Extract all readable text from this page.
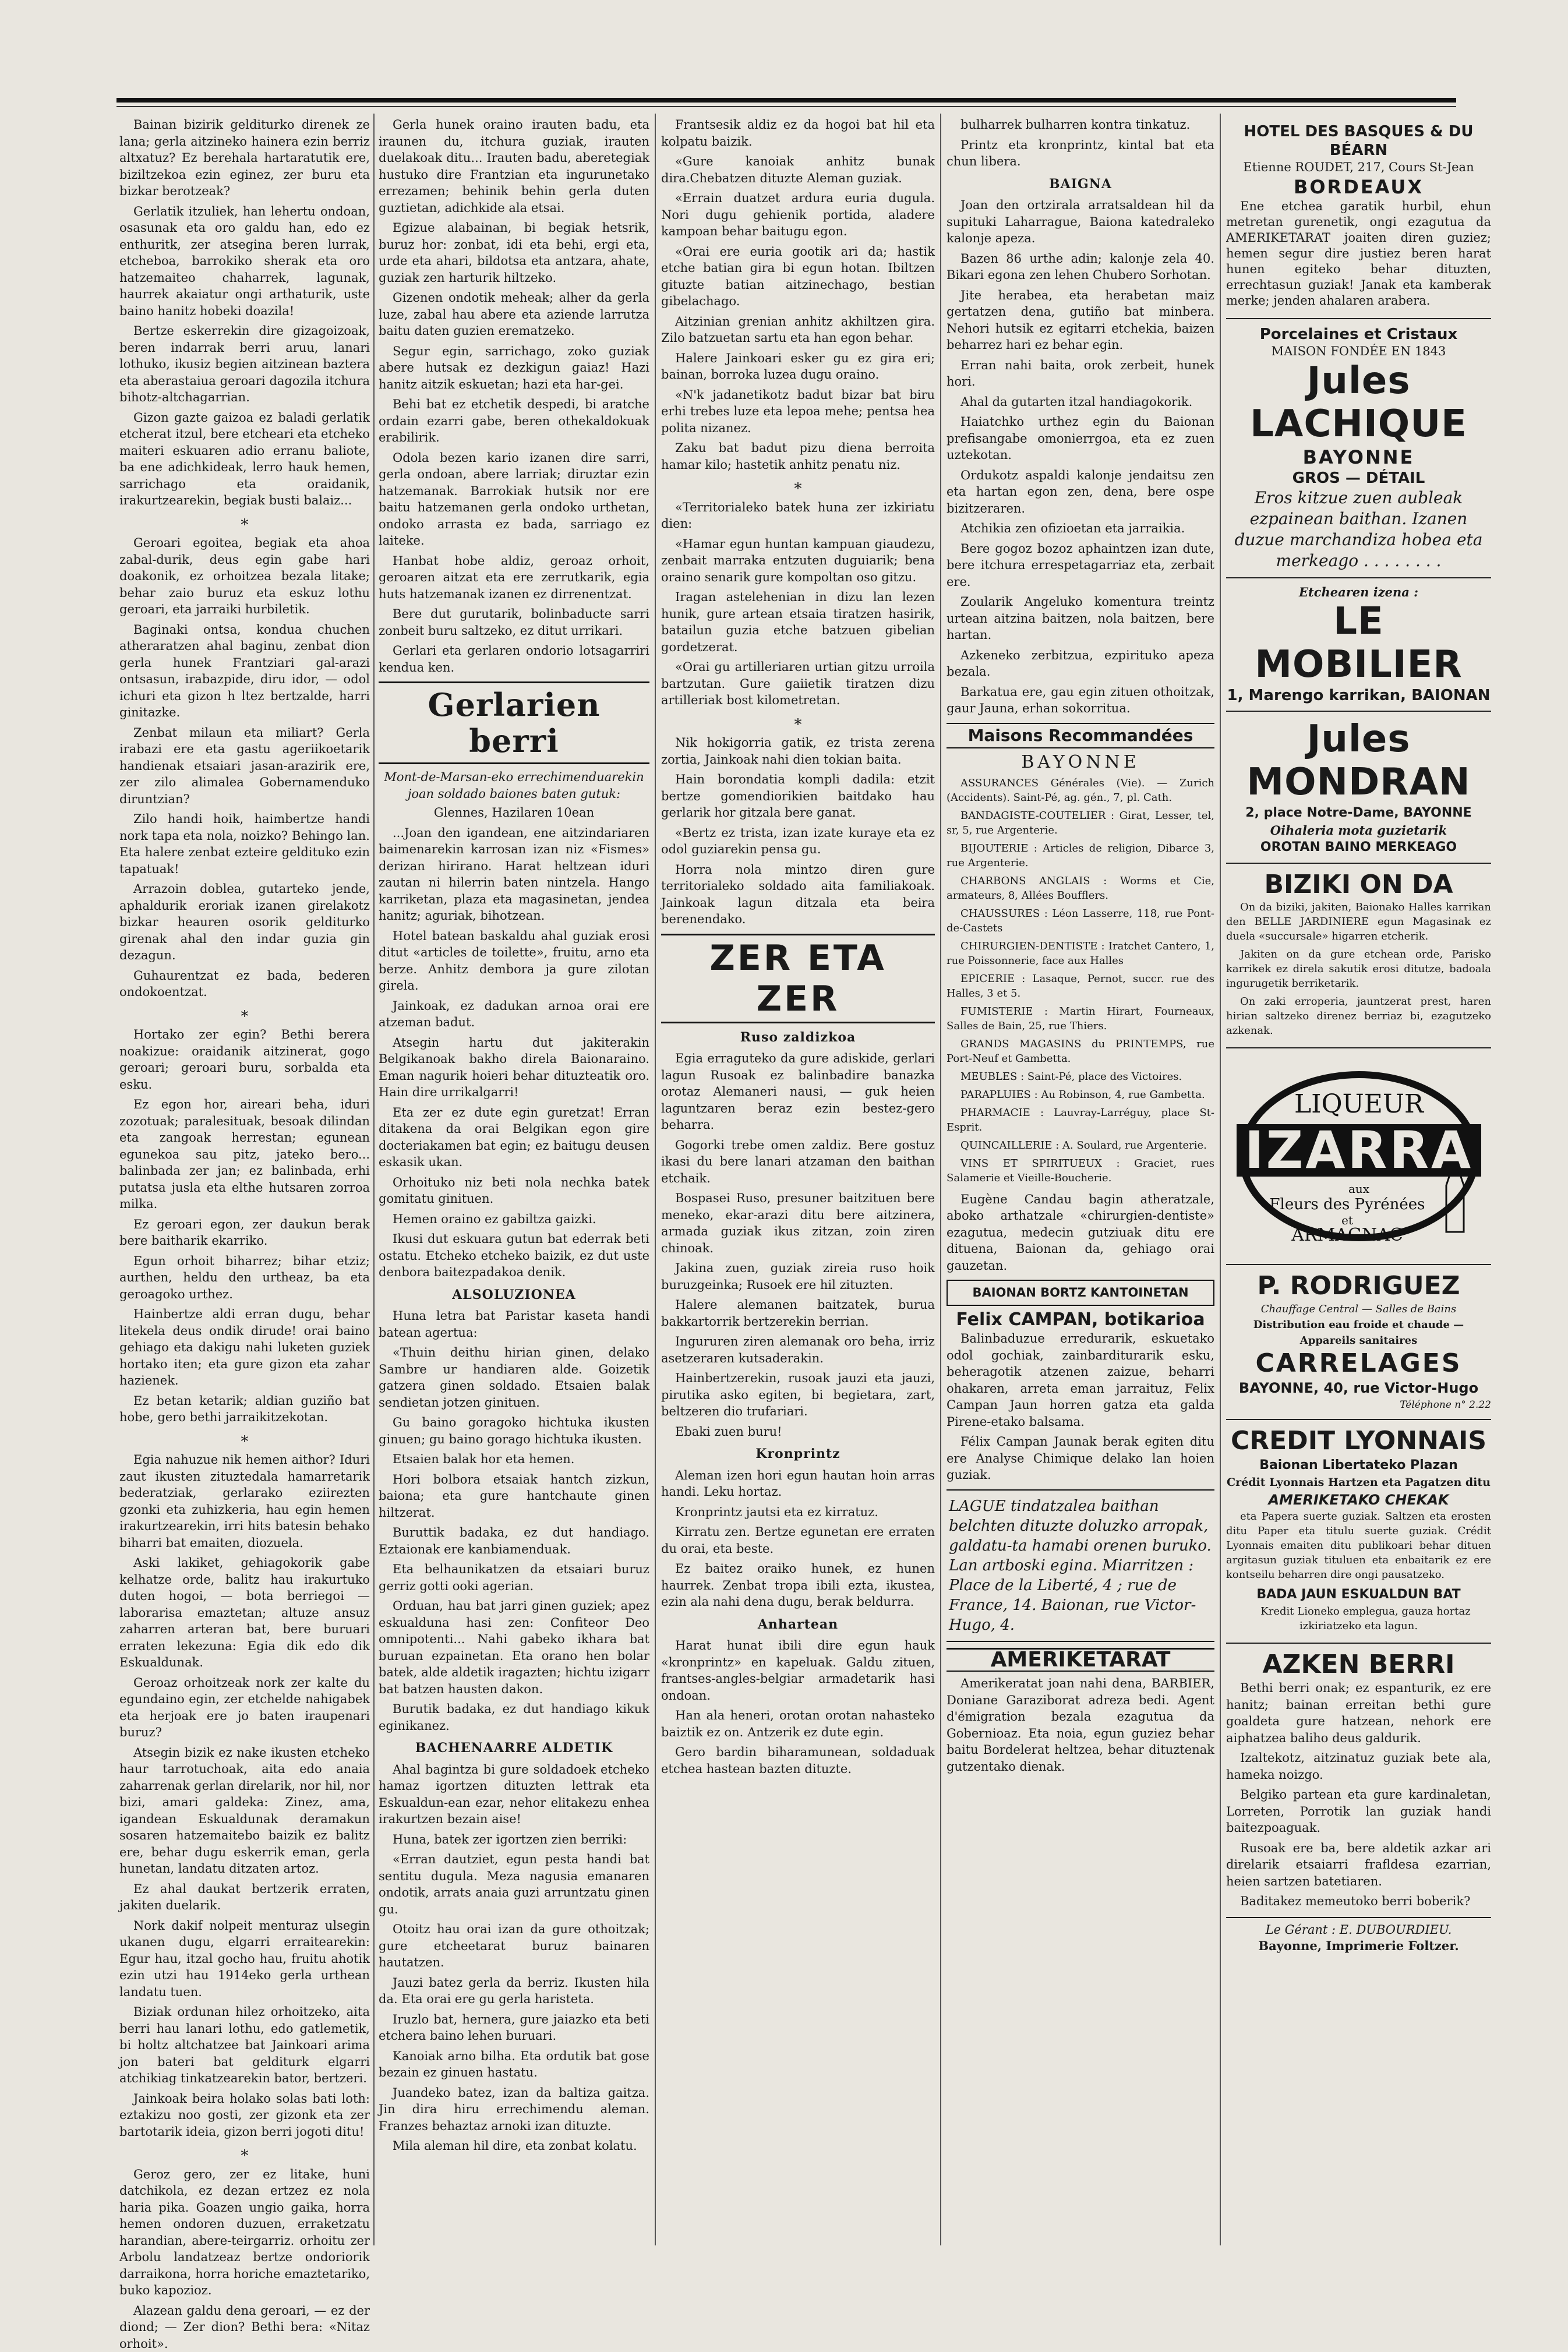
Bainan bizirik gelditurko direnek ze lana; gerla aitzineko hainera ezin berriz altxatuz? Ez berehala hartaratutik ere, biziltzekoa ezin eginez, zer buru eta bizkar berotzeak?

Gerlatik itzuliek, han lehertu ondoan, osasunak eta oro galdu han, edo ez enthuritk, zer atsegina beren lurrak, etcheboa, barrokiko sherak eta oro hatzemaiteo chaharrek, lagunak, haurrek akaiatur ongi arthaturik, uste baino hanitz hobeki doazila!

Bertze eskerrekin dire gizagoizoak, beren indarrak berri aruu, lanari lothuko, ikusiz begien aitzinean baztera eta aberastaiua geroari dagozila itchura bihotz-altchagarrian.

Gizon gazte gaizoa ez baladi gerlatik etcherat itzul, bere etcheari eta etcheko maiteri eskuaren adio erranu baliote, ba ene adichkideak, lerro hauk hemen, sarrichago eta oraidanik, irakurtzearekin, begiak busti balaiz...

∗

Geroari egoitea, begiak eta ahoa zabal-durik, deus egin gabe hari doakonik, ez orhoitzea bezala litake; behar zaio buruz eta eskuz lothu geroari, eta jarraiki hurbiletik.

Baginaki ontsa, kondua chuchen atheraratzen ahal baginu, zenbat dion gerla hunek Frantziari gal-arazi ontsasun, irabazpide, diru idor, — odol ichuri eta gizon h ltez bertzalde, harri ginitazke.

Zenbat milaun eta miliart? Gerla irabazi ere eta gastu ageriikoetarik handienak etsaiari jasan-arazirik ere, zer zilo alimalea Gobernamenduko diruntzian?

Zilo handi hoik, haimbertze handi nork tapa eta nola, noizko? Behingo lan. Eta halere zenbat ezteire geldituko ezin tapatuak!

Arrazoin doblea, gutarteko jende, aphaldurik eroriak izanen girelakotz bizkar heauren osorik gelditurko girenak ahal den indar guzia gin dezagun.

Guhaurentzat ez bada, bederen ondokoentzat.

∗

Hortako zer egin? Bethi berera noakizue: oraidanik aitzinerat, gogo geroari; geroari buru, sorbalda eta esku.

Ez egon hor, aireari beha, iduri zozotuak; paralesituak, besoak dilindan eta zangoak herrestan; egunean egunekoa sau pitz, jateko bero... balinbada zer jan; ez balinbada, erhi putatsa jusla eta elthe hutsaren zorroa milka.

Ez geroari egon, zer daukun berak bere baitharik ekarriko.

Egun orhoit biharrez; bihar etziz; aurthen, heldu den urtheaz, ba eta geroagoko urthez.

Hainbertze aldi erran dugu, behar litekela deus ondik dirude! orai baino gehiago eta dakigu nahi luketen guziek hortako iten; eta gure gizon eta zahar hazienek.

Ez betan ketarik; aldian guziño bat hobe, gero bethi jarraikitzekotan.

∗

Egia nahuzue nik hemen aithor? Iduri zaut ikusten zituztedala hamarretarik bederatziak, gerlarako eziirezten gzonki eta zuhizkeria, hau egin hemen irakurtzearekin, irri hits batesin behako biharri bat emaiten, diozuela.

Aski lakiket, gehiagokorik gabe kelhatze orde, balitz hau irakurtuko duten hogoi, — bota berriegoi — laborarisa emaztetan; altuze ansuz zaharren arteran bat, bere buruari erraten lekezuna: Egia dik edo dik Eskualdunak.

Geroaz orhoitzeak nork zer kalte du egundaino egin, zer etchelde nahigabek eta herjoak ere jo baten iraupenari buruz?

Atsegin bizik ez nake ikusten etcheko haur tarrotuchoak, aita edo anaia zaharrenak gerlan direlarik, nor hil, nor bizi, amari galdeka: Zinez, ama, igandean Eskualdunak deramakun sosaren hatzemaitebo baizik ez balitz ere, behar dugu eskerrik eman, gerla hunetan, landatu ditzaten artoz.

Ez ahal daukat bertzerik erraten, jakiten duelarik.

Nork dakif nolpeit menturaz ulsegin ukanen dugu, elgarri erraitearekin: Egur hau, itzal gocho hau, fruitu ahotik ezin utzi hau 1914eko gerla urthean landatu tuen.

Biziak ordunan hilez orhoitzeko, aita berri hau lanari lothu, edo gatlemetik, bi holtz altchatzee bat Jainkoari arima jon bateri bat gelditurk elgarri atchikiag tinkatzearekin bator, bertzeri.

Jainkoak beira holako solas bati loth: eztakizu noo gosti, zer gizonk eta zer bartotarik ideia, gizon berri jogoti ditu!

∗

Geroz gero, zer ez litake, huni datchikola, ez dezan ertzez ez nola haria pika. Goazen ungio gaika, horra hemen ondoren duzuen, erraketzatu harandian, abere-teirgarriz. orhoitu zer Arbolu landatzeaz bertze ondoriorik darraikona, horra horiche emaztetariko, buko kapozioz.

Alazean galdu dena geroari, — ez der diond; — Zer dion? Bethi bera: «Nitaz orhoit».

Gerla hunek oraino irauten badu, eta iraunen du, itchura guziak, irauten duelakoak ditu... Irauten badu, aberetegiak hustuko dire Frantzian eta ingurunetako errezamen; behinik behin gerla duten guztietan, adichkide ala etsai.

Egizue alabainan, bi begiak hetsrik, buruz hor: zonbat, idi eta behi, ergi eta, urde eta ahari, bildotsa eta antzara, ahate, guziak zen harturik hiltzeko.

Gizenen ondotik meheak; alher da gerla luze, zabal hau abere eta aziende larrutza baitu daten guzien erematzeko.

Segur egin, sarrichago, zoko guziak abere hutsak ez dezkigun gaiaz! Hazi hanitz aitzik eskuetan; hazi eta har-gei.

Behi bat ez etchetik despedi, bi aratche ordain ezarri gabe, beren othekaldokuak erabilirik.

Odola bezen kario izanen dire sarri, gerla ondoan, abere larriak; diruztar ezin hatzemanak. Barrokiak hutsik nor ere baitu hatzemanen gerla ondoko urthetan, ondoko arrasta ez bada, sarriago ez laiteke.

Hanbat hobe aldiz, geroaz orhoit, geroaren aitzat eta ere zerrutkarik, egia huts hatzemanak izanen ez dirrenentzat.

Bere dut gurutarik, bolinbaducte sarri zonbeit buru saltzeko, ez ditut urrikari.

Gerlari eta gerlaren ondorio lotsagarriri kendua ken.

Gerlarien berri

Mont-de-Marsan-eko errechimenduarekin joan soldado baiones baten gutuk:

Glennes, Hazilaren 10ean

...Joan den igandean, ene aitzindariaren baimenarekin karrosan izan niz «Fismes» derizan hirirano. Harat heltzean iduri zautan ni hilerrin baten nintzela. Hango karriketan, plaza eta magasinetan, jendea hanitz; aguriak, bihotzean.

Hotel batean baskaldu ahal guziak erosi ditut «articles de toilette», fruitu, arno eta berze. Anhitz dembora ja gure zilotan girela.

Jainkoak, ez dadukan arnoa orai ere atzeman badut.

Atsegin hartu dut jakiterakin Belgikanoak bakho direla Baionaraino. Eman nagurik hoieri behar dituzteatik oro. Hain dire urrikalgarri!

Eta zer ez dute egin guretzat! Erran ditakena da orai Belgikan egon gire docteriakamen bat egin; ez baitugu deusen eskasik ukan.

Orhoituko niz beti nola nechka batek gomitatu ginituen.

Hemen oraino ez gabiltza gaizki.

Ikusi dut eskuara gutun bat ederrak beti ostatu. Etcheko etcheko baizik, ez dut uste denbora baitezpadakoa denik.

ALSOLUZIONEA

Huna letra bat Paristar kaseta handi batean agertua:

«Thuin deithu hirian ginen, delako Sambre ur handiaren alde. Goizetik gatzera ginen soldado. Etsaien balak sendietan jotzen ginituen.

Gu baino goragoko hichtuka ikusten ginuen; gu baino gorago hichtuka ikusten.

Etsaien balak hor eta hemen.

Hori bolbora etsaiak hantch zizkun, baiona; eta gure hantchaute ginen hiltzerat.

Buruttik badaka, ez dut handiago. Eztaionak ere kanbiamenduak.

Eta belhaunikatzen da etsaiari buruz gerriz gotti ooki agerian.

Orduan, hau bat jarri ginen guziek; apez eskualduna hasi zen: Confiteor Deo omnipotenti... Nahi gabeko ikhara bat buruan ezpainetan. Eta orano hen bolar batek, alde aldetik iragazten; hichtu izigarr bat batzen hausten dakon.

Burutik badaka, ez dut handiago kikuk eginikanez.

BACHENAARRE ALDETIK

Ahal bagintza bi gure soldadoek etcheko hamaz igortzen dituzten lettrak eta Eskualdun-ean ezar, nehor elitakezu enhea irakurtzen bezain aise!

Huna, batek zer igortzen zien berriki:

«Erran dautziet, egun pesta handi bat sentitu dugula. Meza nagusia emanaren ondotik, arrats anaia guzi arruntzatu ginen gu.

Otoitz hau orai izan da gure othoitzak; gure etcheetarat buruz bainaren hautatzen.

Jauzi batez gerla da berriz. Ikusten hila da. Eta orai ere gu gerla haristeta.

Iruzlo bat, hernera, gure jaiazko eta beti etchera baino lehen buruari.

Kanoiak arno bilha. Eta ordutik bat gose bezain ez ginuen hastatu.

Juandeko batez, izan da baltiza gaitza. Jin dira hiru errechimendu aleman. Franzes behaztaz arnoki izan dituzte.

Mila aleman hil dire, eta zonbat kolatu.

Frantsesik aldiz ez da hogoi bat hil eta kolpatu baizik.

«Gure kanoiak anhitz bunak dira.Chebatzen dituzte Aleman guziak.

«Errain duatzet ardura euria dugula. Nori dugu gehienik portida, aladere kampoan behar baitugu egon.

«Orai ere euria gootik ari da; hastik etche batian gira bi egun hotan. Ibiltzen gituzte batian aitzinechago, bestian gibelachago.

Aitzinian grenian anhitz akhiltzen gira. Zilo batzuetan sartu eta han egon behar.

Halere Jainkoari esker gu ez gira eri; bainan, borroka luzea dugu oraino.

«N'k jadanetikotz badut bizar bat biru erhi trebes luze eta lepoa mehe; pentsa hea polita nizanez.

Zaku bat badut pizu diena berroita hamar kilo; hastetik anhitz penatu niz.

∗

«Territorialeko batek huna zer izkiriatu dien:

«Hamar egun huntan kampuan giaudezu, zenbait marraka entzuten duguiarik; bena oraino senarik gure kompoltan oso gitzu.

Iragan astelehenian in dizu lan lezen hunik, gure artean etsaia tiratzen hasirik, batailun guzia etche batzuen gibelian gordetzerat.

«Orai gu artilleriaren urtian gitzu urroila bartzutan. Gure gaiietik tiratzen dizu artilleriak bost kilometretan.

∗

Nik hokigorria gatik, ez trista zerena zortia, Jainkoak nahi dien tokian baita.

Hain borondatia kompli dadila: etzit bertze gomendiorikien baitdako hau gerlarik hor gitzala bere ganat.

«Bertz ez trista, izan izate kuraye eta ez odol guziarekin pensa gu.

Horra nola mintzo diren gure territorialeko soldado aita familiakoak. Jainkoak lagun ditzala eta beira berenendako.

ZER ETA ZER
Ruso zaldizkoa

Egia erraguteko da gure adiskide, gerlari lagun Rusoak ez balinbadire banazka orotaz Alemaneri nausi, — guk heien laguntzaren beraz ezin bestez-gero beharra.

Gogorki trebe omen zaldiz. Bere gostuz ikasi du bere lanari atzaman den baithan etchaik.

Bospasei Ruso, presuner baitzituen bere meneko, ekar-arazi ditu bere aitzinera, armada guziak ikus zitzan, zoin ziren chinoak.

Jakina zuen, guziak zireia ruso hoik buruzgeinka; Rusoek ere hil zituzten.

Halere alemanen baitzatek, burua bakkartorrik bertzerekin berrian.

Ingururen ziren alemanak oro beha, irriz asetzeraren kutsaderakin.

Hainbertzerekin, rusoak jauzi eta jauzi, pirutika asko egiten, bi begietara, zart, beltzeren dio trufariari.

Ebaki zuen buru!

Kronprintz

Aleman izen hori egun hautan hoin arras handi. Leku hortaz.

Kronprintz jautsi eta ez kirratuz.

Kirratu zen. Bertze egunetan ere erraten du orai, eta beste.

Ez baitez oraiko hunek, ez hunen haurrek. Zenbat tropa ibili ezta, ikustea, ezin ala nahi dena dugu, berak beldurra.

Anhartean

Harat hunat ibili dire egun hauk «kronprintz» en kapeluak. Galdu zituen, frantses-angles-belgiar armadetarik hasi ondoan.

Han ala heneri, orotan orotan nahasteko baiztik ez on. Antzerik ez dute egin.

Gero bardin biharamunean, soldaduak etchea hastean bazten dituzte.

bulharrek bulharren kontra tinkatuz.

Printz eta kronprintz, kintal bat eta chun libera.

BAIGNA

Joan den ortzirala arratsaldean hil da supituki Laharrague, Baiona katedraleko kalonje apeza.

Bazen 86 urthe adin; kalonje zela 40. Bikari egona zen lehen Chubero Sorhotan.

Jite herabea, eta herabetan maiz gertatzen dena, gutiño bat minbera. Nehori hutsik ez egitarri etchekia, baizen beharrez hari ez behar egin.

Erran nahi baita, orok zerbeit, hunek hori.

Ahal da gutarten itzal handiagokorik.

Haiatchko urthez egin du Baionan prefisangabe omonierrgoa, eta ez zuen uztekotan.

Ordukotz aspaldi kalonje jendaitsu zen eta hartan egon zen, dena, bere ospe bizitzeraren.

Atchikia zen ofizioetan eta jarraikia.

Bere gogoz bozoz aphaintzen izan dute, bere itchura errespetagarriaz eta, zerbait ere.

Zoularik Angeluko komentura treintz urtean aitzina baitzen, nola baitzen, bere hartan.

Azkeneko zerbitzua, ezpirituko apeza bezala.

Barkatua ere, gau egin zituen othoitzak, gaur Jauna, erhan sokorritua.

Maisons Recommandées
BAYONNE

ASSURANCES Générales (Vie). — Zurich (Accidents). Saint-Pé, ag. gén., 7, pl. Cath.

BANDAGISTE-COUTELIER : Girat, Lesser, tel, sr, 5, rue Argenterie.

BIJOUTERIE : Articles de religion, Dibarce 3, rue Argenterie.

CHARBONS ANGLAIS : Worms et Cie, armateurs, 8, Allées Boufflers.

CHAUSSURES : Léon Lasserre, 118, rue Pont-de-Castets

CHIRURGIEN-DENTISTE : Iratchet Cantero, 1, rue Poissonnerie, face aux Halles

EPICERIE : Lasaque, Pernot, succr. rue des Halles, 3 et 5.

FUMISTERIE : Martin Hirart, Fourneaux, Salles de Bain, 25, rue Thiers.

GRANDS MAGASINS du PRINTEMPS, rue Port-Neuf et Gambetta.

MEUBLES : Saint-Pé, place des Victoires.

PARAPLUIES : Au Robinson, 4, rue Gambetta.

PHARMACIE : Lauvray-Larréguy, place St-Esprit.

QUINCAILLERIE : A. Soulard, rue Argenterie.

VINS ET SPIRITUEUX : Graciet, rues Salamerie et Vieille-Boucherie.

Eugène Candau bagin atheratzale, aboko arthatzale «chirurgien-dentiste» ezagutua, medecin gutziuak ditu ere dituena, Baionan da, gehiago orai gauzetan.

BAIONAN BORTZ KANTOINETAN
Felix CAMPAN, botikarioa

Balinbaduzue erredurarik, eskuetako odol gochiak, zainbarditurarik esku, beheragotik atzenen zaizue, beharri ohakaren, arreta eman jarraituz, Felix Campan Jaun horren gatza eta galda Pirene-etako balsama.

Félix Campan Jaunak berak egiten ditu ere Analyse Chimique delako lan hoien guziak.

LAGUE tindatzalea baithan belchten dituzte doluzko arropak, galdatu-ta hamabi orenen buruko. Lan artboski egina. Miarritzen : Place de la Liberté, 4 ; rue de France, 14. Baionan, rue Victor-Hugo, 4.
AMERIKETARAT

Amerikeratat joan nahi dena, BARBIER, Doniane Garaziborat adreza bedi. Agent d'émigration bezala ezagutua da Gobernioaz. Eta noia, egun guziez behar baitu Bordelerat heltzea, behar dituztenak gutzentako dienak.

HOTEL DES BASQUES & DU BÉARN
Etienne ROUDET, 217, Cours St-Jean
BORDEAUX

Ene etchea garatik hurbil, ehun metretan gurenetik, ongi ezagutua da AMERIKETARAT joaiten diren guziez; hemen segur dire justiez beren harat hunen egiteko behar dituzten, errechtasun guziak! Janak eta kamberak merke; jenden ahalaren arabera.

Porcelaines et Cristaux
MAISON FONDÉE EN 1843
Jules LACHIQUE
BAYONNE
GROS — DÉTAIL
Eros kitzue zuen aubleak ezpainean baithan. Izanen duzue marchandiza hobea eta merkeago . . . . . . . .
Etchearen izena :
LE MOBILIER
1, Marengo karrikan, BAIONAN
Jules MONDRAN
2, place Notre-Dame, BAYONNE
Oihaleria mota guzietarik
OROTAN BAINO MERKEAGO
BIZIKI ON DA

On da biziki, jakiten, Baionako Halles karrikan den BELLE JARDINIERE egun Magasinak ez duela «succursale» higarren etcherik.

Jakiten on da gure etchean orde, Parisko karrikek ez direla sakutik erosi ditutze, badoala ingurugetik berriketarik.

On zaki erroperia, jauntzerat prest, haren hirian saltzeko direnez berriaz bi, ezagutzeko azkenak.

LIQUEUR
IZARRA
aux
Fleurs des Pyrénées
et
ARMAGNAC
P. RODRIGUEZ
Chauffage Central — Salles de Bains
Distribution eau froide et chaude — Appareils sanitaires
CARRELAGES
BAYONNE, 40, rue Victor-Hugo
Téléphone n° 2.22
CREDIT LYONNAIS
Baionan Libertateko Plazan
Crédit Lyonnais Hartzen eta Pagatzen ditu
AMERIKETAKO CHEKAK

eta Papera suerte guziak. Saltzen eta erosten ditu Paper eta titulu suerte guziak. Crédit Lyonnais emaiten ditu publikoari behar dituen argitasun guziak tituluen eta enbaitarik ez ere kontseilu beharren dire ongi pausatzeko.

BADA JAUN ESKUALDUN BAT

Kredit Lioneko emplegua, gauza hortaz izkiriatzeko eta lagun.

AZKEN BERRI

Bethi berri onak; ez espanturik, ez ere hanitz; bainan erreitan bethi gure goaldeta gure hatzean, nehork ere aiphatzea baliho deus galdurik.

Izaltekotz, aitzinatuz guziak bete ala, hameka noizgo.

Belgiko partean eta gure kardinaletan, Lorreten, Porrotik lan guziak handi baitezpoaguak.

Rusoak ere ba, bere aldetik azkar ari direlarik etsaiarri frafldesa ezarrian, heien sartzen batetiaren.

Baditakez memeutoko berri boberik?

Le Gérant : E. DUBOURDIEU.
Bayonne, Imprimerie Foltzer.
